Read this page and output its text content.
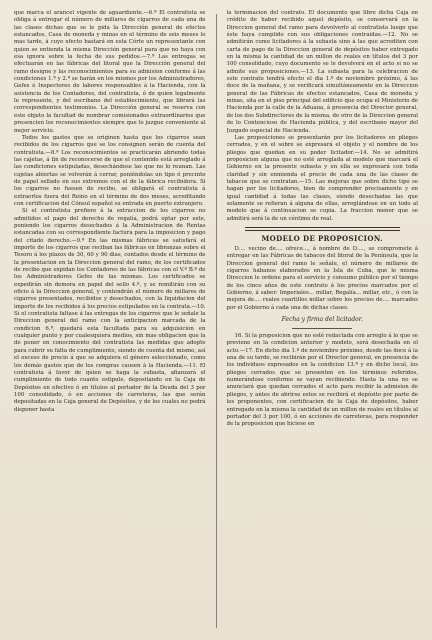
que marca el arancel vigente de aguardiente.—6.ª El contratista se obliga á entregar el número de millares de cigarros de cada una de las clases dichas que se le pida la Dirección general de efectos estancados, Casa de moneda y minas en el término de seis meses lo mas tarde, á cuyo efecto bastará en esta Córte un representante con quien se entienda la misma Dirección general para que no haya con esa ignora sobre la fecha de sus pedidos.—7.ª Las entregas se efectuarán en las fábricas del litoral que la Dirección general del ramo designe y las reconocimientos para su admision conforme á las condiciones 1.ª y 2.ª se harán en los mismos por los Administradores, Gefes é Inspectores de labores responsables á la Hacienda, con la asistencia de los Contadores, del contratista, ó de quien legalmente le represente, y del escribano del establecimiento, que librará las correspondientes testimonios. La Dirección general se reserva con este objeto la facultad de nombrar comisionados extraordinarios que presencien los reconocimientos siempre que lo juzgue conveniente al mejor servicio.

Todos los gastos que se originen hasta que los cigarros sean recibidos de los cigarros que se los consignen serán de cuenta del contratista.—8.ª Los reconocimientos se practicarán abriendo todas las cajetas, á fin de reconocerse de que el contenido está arreglado á las condiciones estipuladas, desechándose las que no lo reunan. Las cajetas abiertas se volverán á cerrar, poniéndolas un tipo ó precinto de papel sellado en sus extremos con el de la fábrica recibidora. Si los cigarros no fuesen de recibo, se obligará el contratista á extraerlos fuera del Reino en el término de dos meses, acreditando con certificacion del Cónsul español su entrada en puerto extranjero.

Si el contratista prefiere á la extraccion de los cigarros no admitidos el pago del derecho de regalía, podrá optar por este, poniendo los cigarros desechados á la Administracion de Rentas estancadas con su correspondiente factura para la imposicion y pago del citado derecho.—9.ª En las mismas fábricas se satisfará el importe de los cigarros que reciban las fábricas en libranzas sobre el Tesoro á los plazos de 30, 60 y 90 dias, contados desde el término de la presentacion en la Direccion general del ramo, de los certificados de recibo que expidan los Contadores de las fábricas con el V.º B.º de los Administradores Gefes de las mismas. Los certificados se expedirán sin demora en papel del sello 4.º, y se remitirán con su oficio á la Direccion general, y contendrán el número de millares de cigarros presentados, recibidos y desechados, con la liquidacion del importe de los recibidos á los precios estipulados en la contrata.—10. Si el contratista faltase á las entregas de los cigarros que le señale la Direccion general del ramo con la anticipacion marcada de la condicion 6.ª, quedará esta facultada para su adquisicion en cualquier punto y por cualesquiera medios, sin mas obligacion que la de poner en conocimiento del contratista las medidas que adopte para cubrir su falta de cumplimiento, siendo de cuenta del mismo, así el exceso de precio á que se adquiera el género seleccionado, como los demás gastos que de los compras causen á la Hacienda.—11. El contratista á favor de quien se haga la subasta, afianzará el cumplimiento de todo cuanto estipule, depositando en la Caja de Depósitos en efectivo ó en títulos al portador de la Deuda del 3 por 100 consolidado, ó en acciones de carreteras, las que serán depositadas en la Caja general de Depósitos, y de los cuales no podrá disponer hasta

la terminacion del contrato. El documento que libre dicha Caja en crédito de haber recibido aquel depósito, se conservará en la Direccion general del ramo para devolverlo al contratista luego que éste haya cumplido con sus obligaciones contraidas.—12. No se admitirán como licitadores á la subasta sino á las que acrediten con carta de pago de la Direccion general de depósitos haber entregado en la misma la cantidad de un millon de reales en títulos del 3 por 100 consolidado, cuyo documento se le devolverá en el acto si no se admite sus proposiciones.—13. La subasta para la celebracion de este contrato tendrá efecto el dia 1.º de noviembre próximo, á las doce de la mañana, y se verificará simultáneamente en la Direccion general de las Fábricas de efectos estancados, Casa de moneda y minas, sita en el piso principal del edificio que ocupa el Ministerio de Hacienda por la calle de la Aduana, á presencia del Director general, de los dos Subdirectores de la misma, de otro de la Direccion general de lo Contencioso de Hacienda pública, y del escribano mayor del Juzgado especial de Hacienda.

Las proposiciones se presentarán por los licitadores en pliegos cerrados, y en el sobre se expresará el objeto y el nombre de los pliegos que quedan en su poder licitador.—14. No se admitirá proposicion alguna que no esté arreglada al modelo que marcará el Gobierno en la presente subasta y en ella se expresará con toda claridad y sin enmienda el precio de cada una de las clases de tabacos que se contratan.—15. Las mejoras que sobre dicho tipo se hagan por los licitadores, bien de comprender precisamente y en igual cantidad á todas las clases, siendo desechadas las que solamente se refieran á alguna de ellas, arreglándose en un todo al modelo que á continuacion se copia. La fraccion menor que se admitirá será la de un céntimo de real.

MODELO DE PROPOSICION.

D.... vecino de.... ofrece..., á nombre de D...., se compromete á entregar en las Fábricas de tabacos del litoral de la Península, que la Direccion general del ramo le señale, el número de millares de cigarros habanos elaborados en la Isla de Cuba, que le misma Direccion le ordene para el servicio y consumo público por el tiempo de los cinco años de este contrato á los precios marcados por el Gobierno, á saber: Imperiales... millar, Regalía... millar, etc., ó con la mejora de.... reales cuartillos millar sobre los precios de.... marcados por el Gobierno á cada una de dichas clases.

Fecha y firma del licitador.

16. Si la proposicion que no esté redactada con arreglo á lo que se previene en la condicion anterior y modelo, será desechada en el acto.—17. En dicho dia 1.º de noviembre próximo, desde las doce á la una de su tarde, se recibirán por el Director general, en presencia de los individuos expresados en la condicion 13.ª y en dicho local, los pliegos cerrados que se presenten en los términos referidos, numerándose conforme se vayan recibiendo. Hasta la una no se anunciará que quedan cerrados el acto para recibir la admision de pliegos, y antes de abrirse estos se recibirá el depósito por parte de los proponentes, con certificacion de la Caja de depósitos, haber entregado en la misma la cantidad de un millon de reales en títulos al portador del 3 por 100, ó en acciones de carreteras, para responder de la proposicion que hiciese en
